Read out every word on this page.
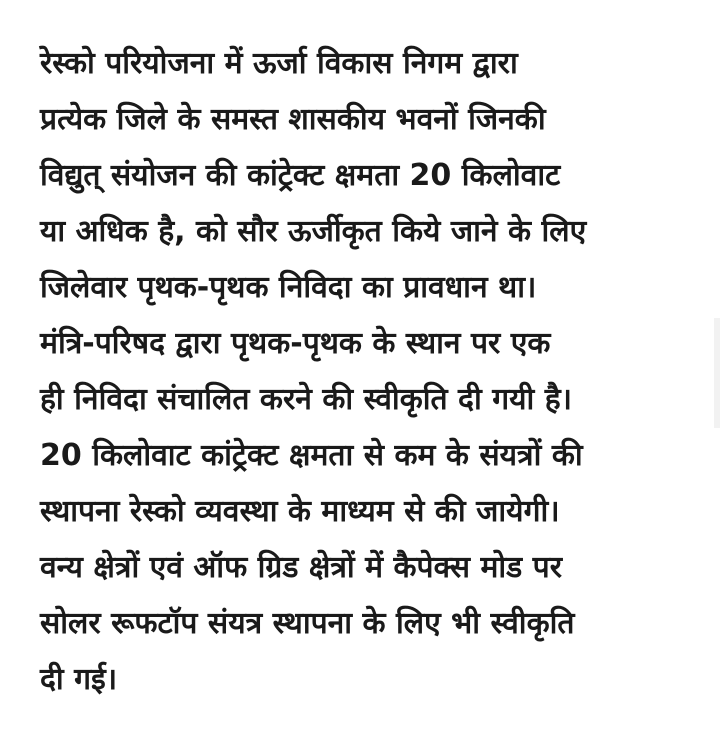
रेस्को परियोजना में ऊर्जा विकास निगम द्वारा
प्रत्येक जिले के समस्त शासकीय भवनों जिनकी
विद्युत् संयोजन की कांट्रेक्ट क्षमता 20 किलोवाट
या अधिक है, को सौर ऊर्जीकृत किये जाने के लिए
जिलेवार पृथक-पृथक निविदा का प्रावधान था।
मंत्रि-परिषद द्वारा पृथक-पृथक के स्थान पर एक
ही निविदा संचालित करने की स्वीकृति दी गयी है।
20 किलोवाट कांट्रेक्ट क्षमता से कम के संयत्रों की
स्थापना रेस्को व्यवस्था के माध्यम से की जायेगी।
वन्य क्षेत्रों एवं ऑफ ग्रिड क्षेत्रों में कैपेक्स मोड पर
सोलर रूफटॉप संयत्र स्थापना के लिए भी स्वीकृति
दी गई।
